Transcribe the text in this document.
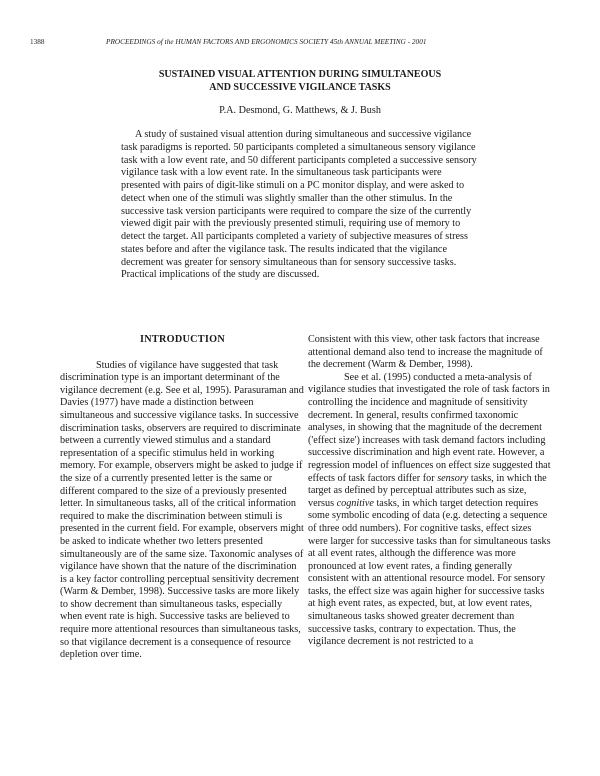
1388	PROCEEDINGS of the HUMAN FACTORS AND ERGONOMICS SOCIETY 45th ANNUAL MEETING - 2001
SUSTAINED VISUAL ATTENTION DURING SIMULTANEOUS
AND SUCCESSIVE VIGILANCE TASKS
P.A. Desmond, G. Matthews, & J. Bush

A study of sustained visual attention during simultaneous and successive vigilance task paradigms is reported. 50 participants completed a simultaneous sensory vigilance task with a low event rate, and 50 different participants completed a successive sensory vigilance task with a low event rate. In the simultaneous task participants were presented with pairs of digit-like stimuli on a PC monitor display, and were asked to detect when one of the stimuli was slightly smaller than the other stimulus. In the successive task version participants were required to compare the size of the currently viewed digit pair with the previously presented stimuli, requiring use of memory to detect the target. All participants completed a variety of subjective measures of stress states before and after the vigilance task. The results indicated that the vigilance decrement was greater for sensory simultaneous than for sensory successive tasks. Practical implications of the study are discussed.

INTRODUCTION

Studies of vigilance have suggested that task discrimination type is an important determinant of the vigilance decrement (e.g. See et al, 1995). Parasuraman and Davies (1977) have made a distinction between simultaneous and successive vigilance tasks. In successive discrimination tasks, observers are required to discriminate between a currently viewed stimulus and a standard representation of a specific stimulus held in working memory. For example, observers might be asked to judge if the size of a currently presented letter is the same or different compared to the size of a previously presented letter. In simultaneous tasks, all of the critical information required to make the discrimination between stimuli is presented in the current field. For example, observers might be asked to indicate whether two letters presented simultaneously are of the same size. Taxonomic analyses of vigilance have shown that the nature of the discrimination is a key factor controlling perceptual sensitivity decrement (Warm & Dember, 1998). Successive tasks are more likely to show decrement than simultaneous tasks, especially when event rate is high. Successive tasks are believed to require more attentional resources than simultaneous tasks, so that vigilance decrement is a consequence of resource depletion over time.

Consistent with this view, other task factors that increase attentional demand also tend to increase the magnitude of the decrement (Warm & Dember, 1998).

See et al. (1995) conducted a meta-analysis of vigilance studies that investigated the role of task factors in controlling the incidence and magnitude of sensitivity decrement. In general, results confirmed taxonomic analyses, in showing that the magnitude of the decrement ('effect size') increases with task demand factors including successive discrimination and high event rate. However, a regression model of influences on effect size suggested that effects of task factors differ for sensory tasks, in which the target as defined by perceptual attributes such as size, versus cognitive tasks, in which target detection requires some symbolic encoding of data (e.g. detecting a sequence of three odd numbers). For cognitive tasks, effect sizes were larger for successive tasks than for simultaneous tasks at all event rates, although the difference was more pronounced at low event rates, a finding generally consistent with an attentional resource model. For sensory tasks, the effect size was again higher for successive tasks at high event rates, as expected, but, at low event rates, simultaneous tasks showed greater decrement than successive tasks, contrary to expectation. Thus, the vigilance decrement is not restricted to a
